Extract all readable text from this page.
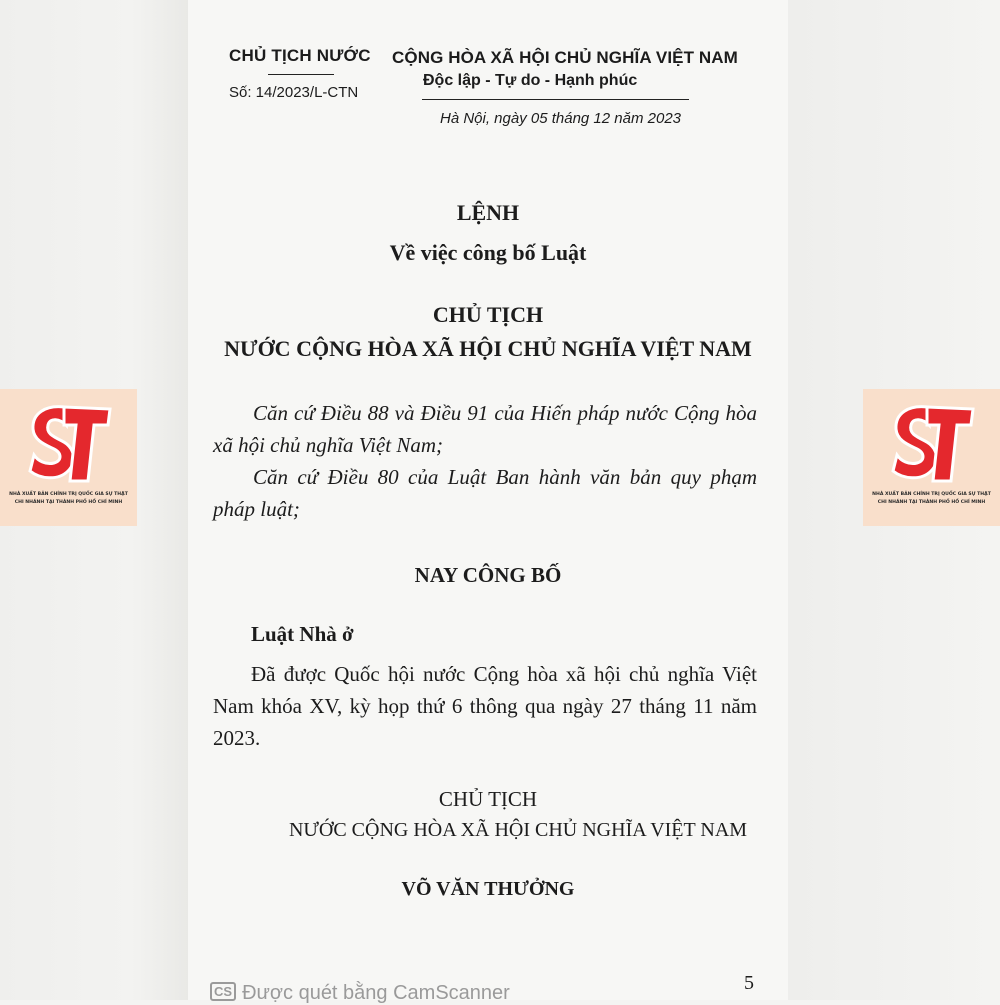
CHỦ TỊCH NƯỚC
Số: 14/2023/L-CTN
CỘNG HÒA XÃ HỘI CHỦ NGHĨA VIỆT NAM
Độc lập - Tự do - Hạnh phúc
Hà Nội, ngày 05 tháng 12 năm 2023
LỆNH
Về việc công bố Luật
CHỦ TỊCH
NƯỚC CỘNG HÒA XÃ HỘI CHỦ NGHĨA VIỆT NAM
Căn cứ Điều 88 và Điều 91 của Hiến pháp nước Cộng hòa xã hội chủ nghĩa Việt Nam;
Căn cứ Điều 80 của Luật Ban hành văn bản quy phạm pháp luật;
NAY CÔNG BỐ
Luật Nhà ở
Đã được Quốc hội nước Cộng hòa xã hội chủ nghĩa Việt Nam khóa XV, kỳ họp thứ 6 thông qua ngày 27 tháng 11 năm 2023.
CHỦ TỊCH
NƯỚC CỘNG HÒA XÃ HỘI CHỦ NGHĨA VIỆT NAM
VÕ VĂN THƯỞNG
5
CS Được quét bằng CamScanner
NHÀ XUẤT BẢN CHÍNH TRỊ QUỐC GIA SỰ THẬT
CHI NHÁNH TẠI THÀNH PHỐ HỒ CHÍ MINH
NHÀ XUẤT BẢN CHÍNH TRỊ QUỐC GIA SỰ THẬT
CHI NHÁNH TẠI THÀNH PHỐ HỒ CHÍ MINH
